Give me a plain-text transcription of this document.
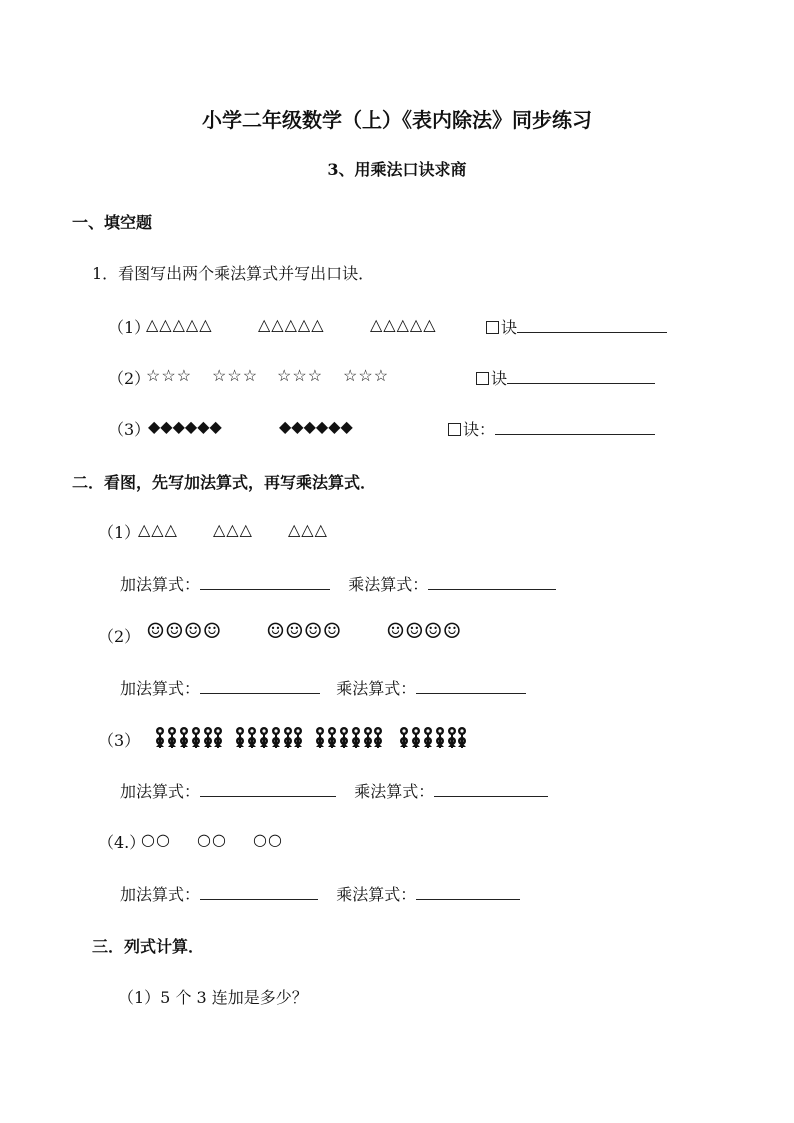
小学二年级数学（上）《表内除法》同步练习
3、用乘法口诀求商
一、填空题
1．看图写出两个乘法算式并写出口诀．
（1）
△△△△△	△△△△△	△△△△△	诀
（2）
☆☆☆ ☆☆☆ ☆☆☆ ☆☆☆	诀
（3）
◆◆◆◆◆◆	◆◆◆◆◆◆	诀：
二．看图，先写加法算式，再写乘法算式．
（1）
△△△ △△△ △△△
加法算式：	乘法算式：
（2） ☺☺☺☺ ☺☺☺☺ ☺☺☺☺
加法算式：	乘法算式：
（3）
加法算式：	乘法算式：
（4.）
○○ ○○ ○○
加法算式：	乘法算式：
三．列式计算．
（1）5 个 3 连加是多少？
